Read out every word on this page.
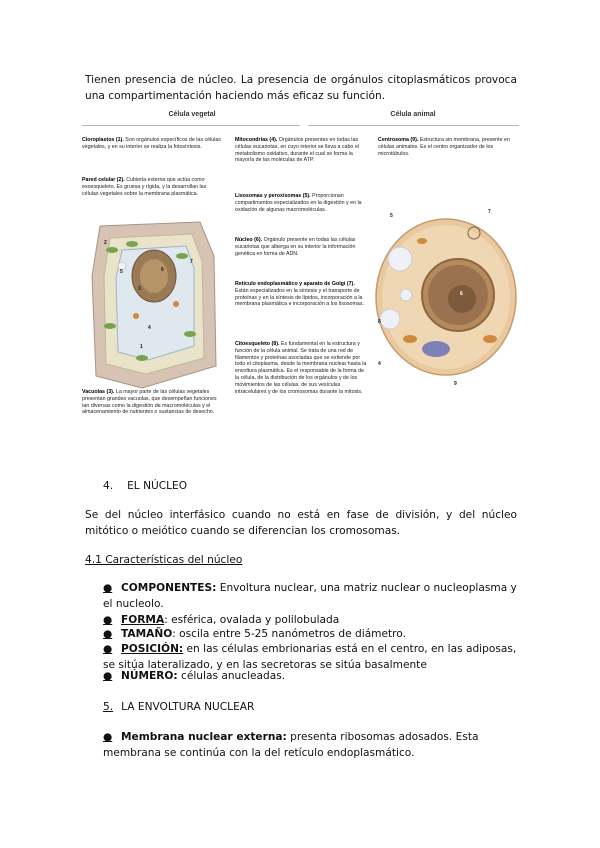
Tienen presencia de núcleo. La presencia de orgánulos citoplasmáticos provoca una compartimentación haciendo más eficaz su función.

Célula vegetal	Célula animal
Cloroplastos (1). Son orgánulos específicos de las células vegetales, y en su interior se realiza la fotosíntesis.
Pared celular (2). Cubierta externa que actúa como exoesqueleto. Es gruesa y rígida, y la desarrollan las células vegetales sobre la membrana plasmática.
2
5	6
7
3
1
4
Vacuolas (3). La mayor parte de las células vegetales presentan grandes vacuolas, que desempeñan funciones tan diversas como la digestión de macromoléculas y el almacenamiento de nutrientes o sustancias de desecho.
Mitocondrias (4). Orgánulos presentes en todas las células eucariotas, en cuyo interior se lleva a cabo el metabolismo oxidativo, durante el cual se forma la mayoría de las moléculas de ATP.
Lisosomas y peroxisomas (5). Proporcionan compartimentos especializados en la digestión y en la oxidación de algunas macromoléculas.
Núcleo (6). Orgánulo presente en todas las células eucariotas que alberga en su interior la información genética en forma de ADN.
Retículo endoplasmático y aparato de Golgi (7). Están especializados en la síntesis y el transporte de proteínas y en la síntesis de lípidos, incorporación a la membrana plasmática e incorporación a los lisosomas.
Citoesqueleto (8). Es fundamental en la estructura y función de la célula animal. Se trata de una red de filamentos y proteínas asociadas que se extiende por todo el citoplasma, desde la membrana nuclear hasta la envoltura plasmática. Es el responsable de la forma de la célula, de la distribución de los orgánulos y de los movimientos de las células, de sus vesículas intracelulares y de los cromosomas durante la mitosis.
Centrosoma (9). Estructura sin membrana, presente en células animales. Es el centro organizador de los microtúbulos.
5
7
6
8
4
9

4. EL NÚCLEO

Se del núcleo interfásico cuando no está en fase de división, y del núcleo mitótico o meiótico cuando se diferencian los cromosomas.

4.1 Características del núcleo

● COMPONENTES: Envoltura nuclear, una matriz nuclear o nucleoplasma y el nucleolo.

● FORMA: esférica, ovalada y polilobulada

● TAMAÑO: oscila entre 5-25 nanómetros de diámetro.

● POSICIÓN: en las células embrionarias está en el centro, en las adiposas, se sitúa lateralizado, y en las secretoras se sitúa basalmente

● NÚMERO: células anucleadas.

5. LA ENVOLTURA NUCLEAR

● Membrana nuclear externa: presenta ribosomas adosados. Esta membrana se continúa con la del retículo endoplasmático.
